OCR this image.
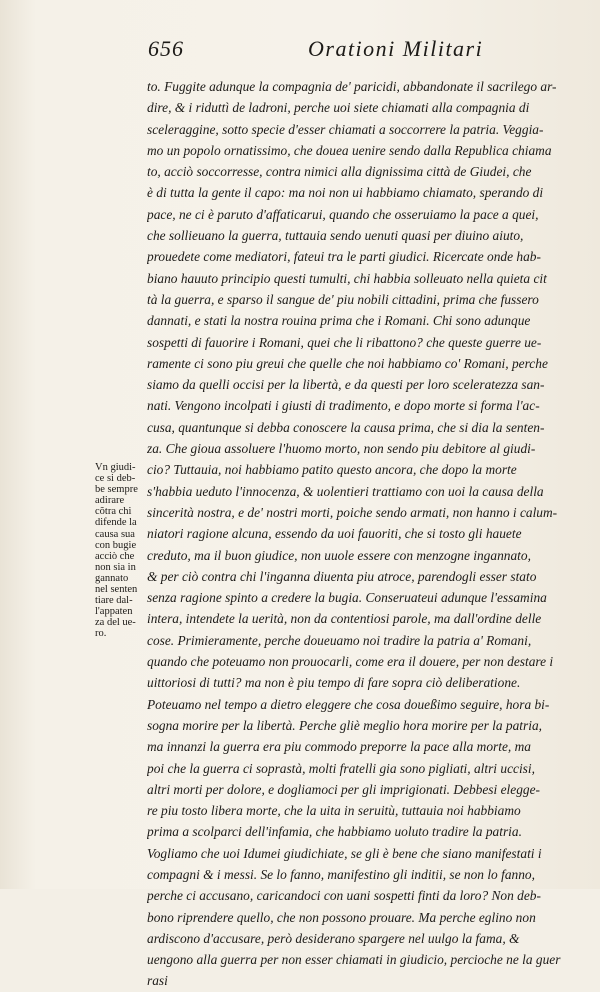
656	Orationi Militari
Vn giudi-
ce si deb-
be sempre
adirare
cõtra chi
difende la
causa sua
con bugie
acciò che
non sia in
gannato
nel senten
tiare dal-
l'appaten
za del ue-
ro.
to. Fuggite adunque la compagnia de' paricidi, abbandonate il sacrilego ar-
dire, & i riduttì de ladroni, perche uoi siete chiamati alla compagnia di
sceleraggine, sotto specie d'esser chiamati a soccorrere la patria. Veggia-
mo un popolo ornatissimo, che douea uenire sendo dalla Republica chiama
to, acciò soccorresse, contra nimici alla dignissima città de Giudei, che
è di tutta la gente il capo: ma noi non ui habbiamo chiamato, sperando di
pace, ne ci è paruto d'affaticarui, quando che osseruiamo la pace a quei,
che sollieuano la guerra, tuttauia sendo uenuti quasi per diuino aiuto,
prouedete come mediatori, fateui tra le parti giudici. Ricercate onde hab-
biano hauuto principio questi tumulti, chi habbia solleuato nella quieta cit
tà la guerra, e sparso il sangue de' piu nobili cittadini, prima che fussero
dannati, e stati la nostra rouina prima che i Romani. Chi sono adunque
sospetti di fauorire i Romani, quei che li ribattono? che queste guerre ue-
ramente ci sono piu greui che quelle che noi habbiamo co' Romani, perche
siamo da quelli occisi per la libertà, e da questi per loro sceleratezza san-
nati. Vengono incolpati i giusti di tradimento, e dopo morte si forma l'ac-
cusa, quantunque si debba conoscere la causa prima, che si dia la senten-
za. Che gioua assoluere l'huomo morto, non sendo piu debitore al giudi-
cio? Tuttauia, noi habbiamo patito questo ancora, che dopo la morte
s'habbia ueduto l'innocenza, & uolentieri trattiamo con uoi la causa della
sincerità nostra, e de' nostri morti, poiche sendo armati, non hanno i calum-
niatori ragione alcuna, essendo da uoi fauoriti, che si tosto gli hauete
creduto, ma il buon giudice, non uuole essere con menzogne ingannato,
& per ciò contra chi l'inganna diuenta piu atroce, parendogli esser stato
senza ragione spinto a credere la bugia. Conseruateui adunque l'essamina
intera, intendete la uerità, non da contentiosi parole, ma dall'ordine delle
cose. Primieramente, perche doueuamo noi tradire la patria a' Romani,
quando che poteuamo non prouocarli, come era il douere, per non destare i
uittoriosi di tutti? ma non è piu tempo di fare sopra ciò deliberatione.
Poteuamo nel tempo a dietro eleggere che cosa doueßimo seguire, hora bi-
sogna morire per la libertà. Perche gliè meglio hora morire per la patria,
ma innanzi la guerra era piu commodo preporre la pace alla morte, ma
poi che la guerra ci soprastà, molti fratelli gia sono pigliati, altri uccisi,
altri morti per dolore, e dogliamoci per gli imprigionati. Debbesi elegge-
re piu tosto libera morte, che la uita in seruitù, tuttauia noi habbiamo
prima a scolparci dell'infamia, che habbiamo uoluto tradire la patria.
Vogliamo che uoi Idumei giudichiate, se gli è bene che siano manifestati i
compagni & i messi. Se lo fanno, manifestino gli inditii, se non lo fanno,
perche ci accusano, caricandoci con uani sospetti finti da loro? Non deb-
bono riprendere quello, che non possono prouare. Ma perche eglino non
ardiscono d'accusare, però desiderano spargere nel uulgo la fama, &
uengono alla guerra per non esser chiamati in giudicio, percioche ne la guer
rasi
